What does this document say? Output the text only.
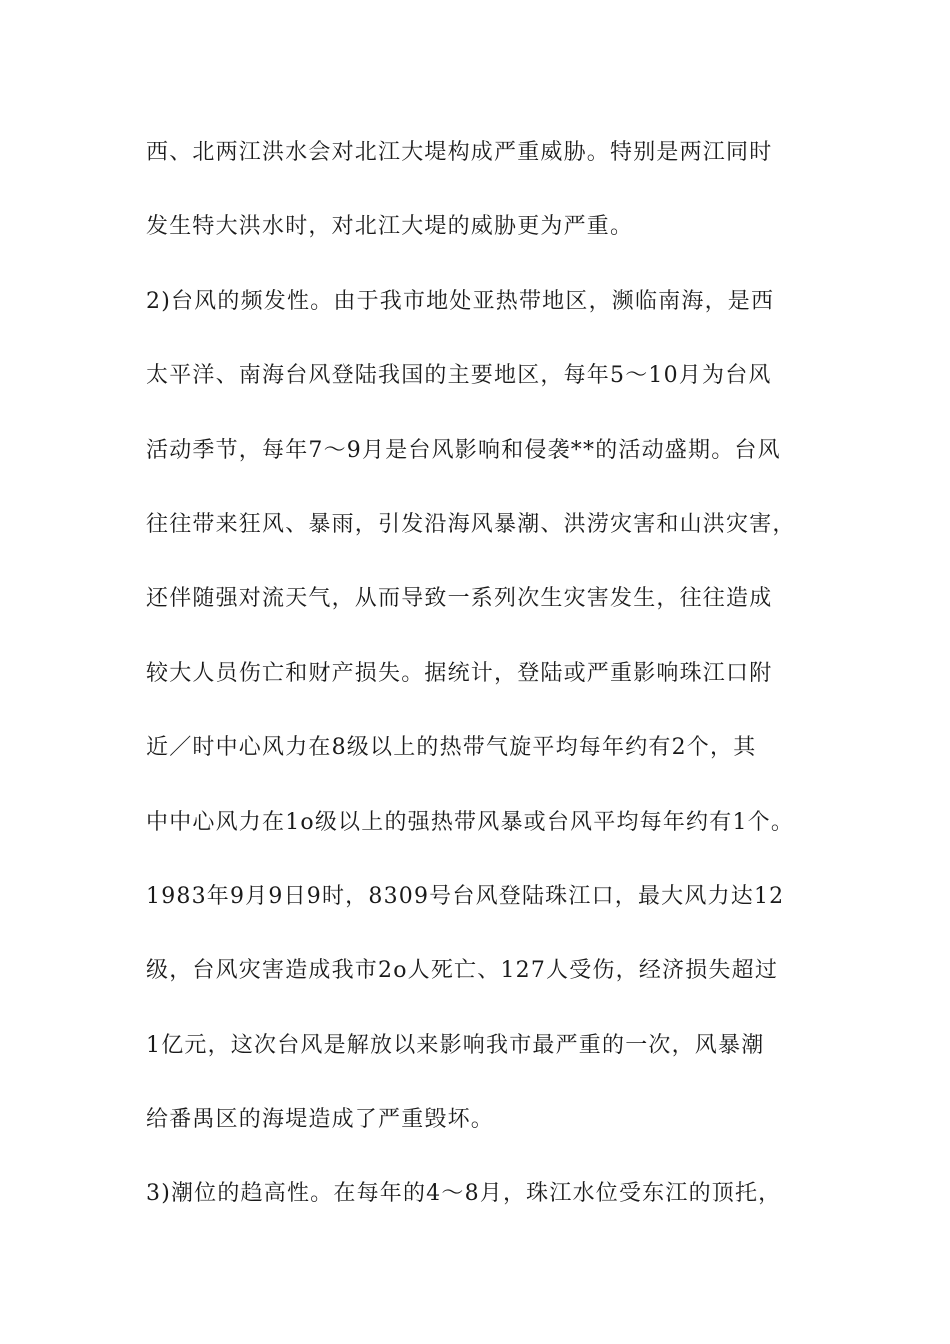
西、北两江洪水会对北江大堤构成严重威胁。特别是两江同时
发生特大洪水时，对北江大堤的威胁更为严重。
2)台风的频发性。由于我市地处亚热带地区，濒临南海，是西
太平洋、南海台风登陆我国的主要地区，每年5～10月为台风
活动季节，每年7～9月是台风影响和侵袭**的活动盛期。台风
往往带来狂风、暴雨，引发沿海风暴潮、洪涝灾害和山洪灾害，
还伴随强对流天气，从而导致一系列次生灾害发生，往往造成
较大人员伤亡和财产损失。据统计，登陆或严重影响珠江口附
近／时中心风力在8级以上的热带气旋平均每年约有2个，其
中中心风力在1o级以上的强热带风暴或台风平均每年约有1个。
1983年9月9日9时，8309号台风登陆珠江口，最大风力达12
级，台风灾害造成我市2o人死亡、127人受伤，经济损失超过
1亿元，这次台风是解放以来影响我市最严重的一次，风暴潮
给番禺区的海堤造成了严重毁坏。
3)潮位的趋高性。在每年的4～8月，珠江水位受东江的顶托，
